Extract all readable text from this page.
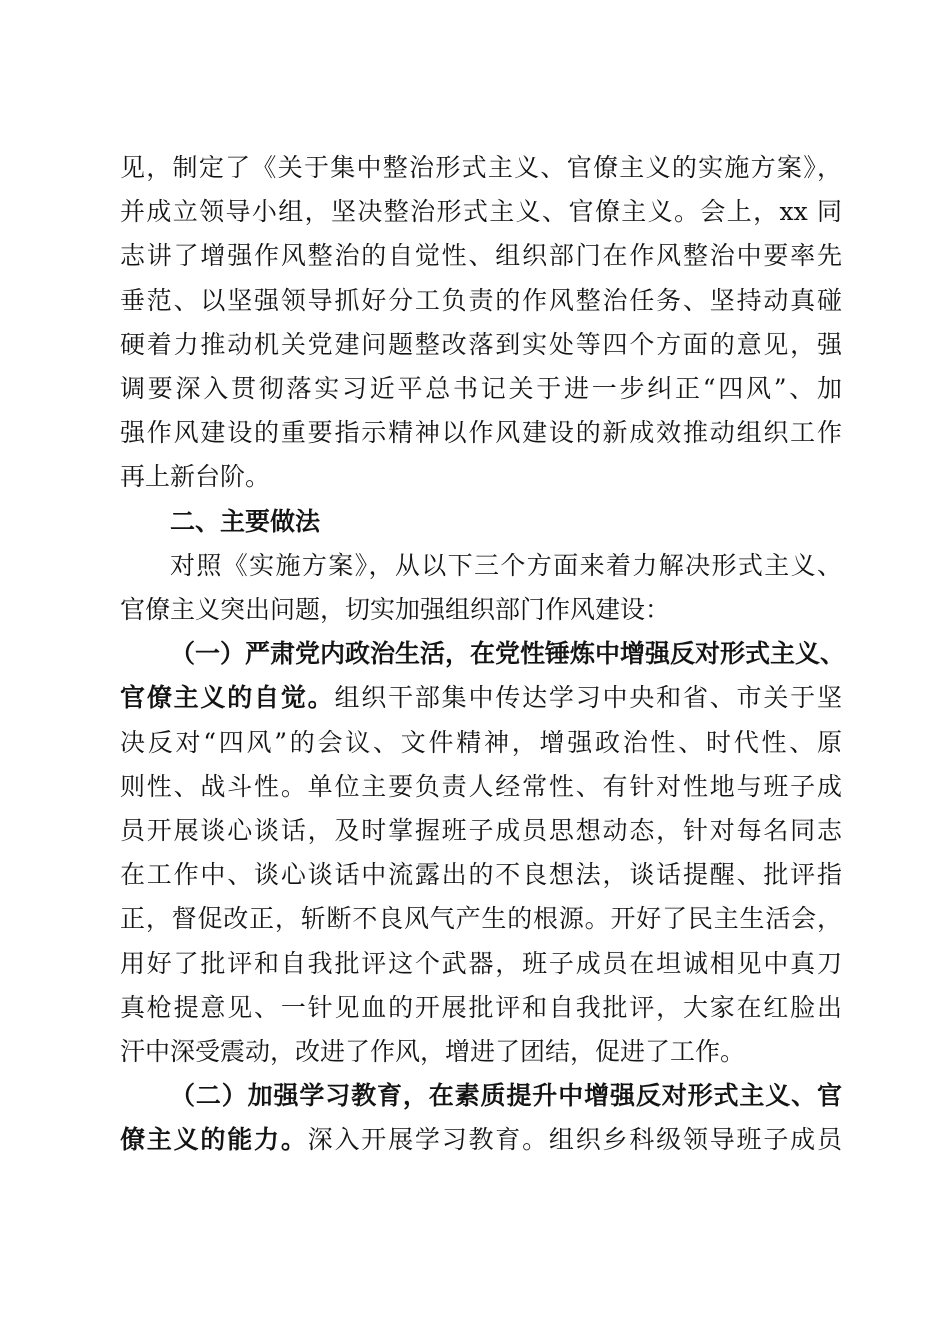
见，制定了《关于集中整治形式主义、官僚主义的实施方案》，
并成立领导小组，坚决整治形式主义、官僚主义。会上，xx 同
志讲了增强作风整治的自觉性、组织部门在作风整治中要率先
垂范、以坚强领导抓好分工负责的作风整治任务、坚持动真碰
硬着力推动机关党建问题整改落到实处等四个方面的意见，强
调要深入贯彻落实习近平总书记关于进一步纠正“四风”、加
强作风建设的重要指示精神以作风建设的新成效推动组织工作
再上新台阶。

二、主要做法

对照《实施方案》，从以下三个方面来着力解决形式主义、
官僚主义突出问题，切实加强组织部门作风建设：

（一）严肃党内政治生活，在党性锤炼中增强反对形式主义、
官僚主义的自觉。组织干部集中传达学习中央和省、市关于坚
决反对“四风”的会议、文件精神，增强政治性、时代性、原
则性、战斗性。单位主要负责人经常性、有针对性地与班子成
员开展谈心谈话，及时掌握班子成员思想动态，针对每名同志
在工作中、谈心谈话中流露出的不良想法，谈话提醒、批评指
正，督促改正，斩断不良风气产生的根源。开好了民主生活会，
用好了批评和自我批评这个武器，班子成员在坦诚相见中真刀
真枪提意见、一针见血的开展批评和自我批评，大家在红脸出
汗中深受震动，改进了作风，增进了团结，促进了工作。

（二）加强学习教育，在素质提升中增强反对形式主义、官
僚主义的能力。深入开展学习教育。组织乡科级领导班子成员
